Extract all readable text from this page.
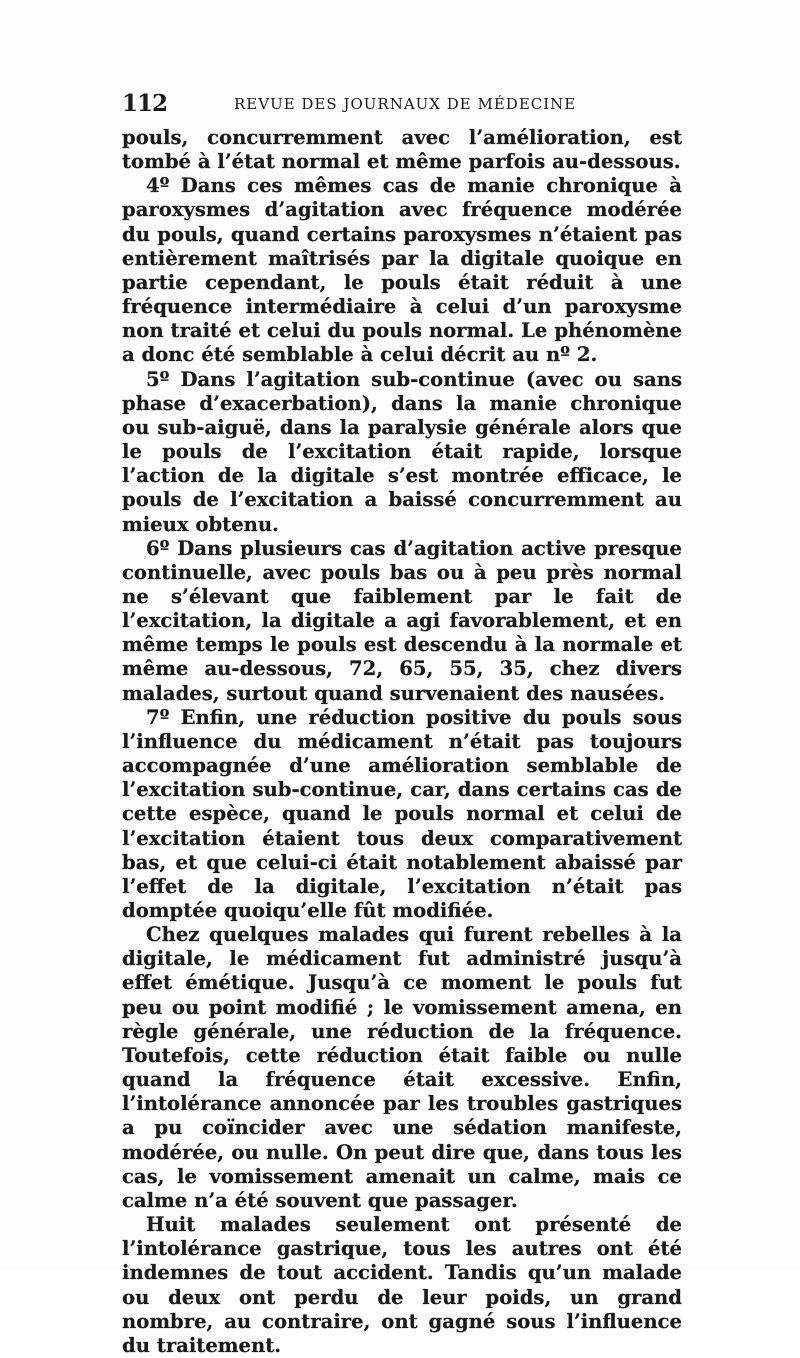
112	REVUE DES JOURNAUX DE MÉDECINE

pouls, concurremment avec l’amélioration, est tombé à l’état normal et même parfois au-dessous.

4º Dans ces mêmes cas de manie chronique à paroxysmes d’agitation avec fréquence modérée du pouls, quand certains paroxysmes n’étaient pas entièrement maîtrisés par la digitale quoique en partie cependant, le pouls était réduit à une fréquence intermédiaire à celui d’un paroxysme non traité et celui du pouls normal. Le phénomène a donc été semblable à celui décrit au nº 2.

5º Dans l’agitation sub-continue (avec ou sans phase d’exacerbation), dans la manie chronique ou sub-aiguë, dans la paralysie générale alors que le pouls de l’excitation était rapide, lorsque l’action de la digitale s’est montrée efficace, le pouls de l’excitation a baissé concurremment au mieux obtenu.

6º Dans plusieurs cas d’agitation active presque continuelle, avec pouls bas ou à peu près normal ne s’élevant que faiblement par le fait de l’excitation, la digitale a agi favorablement, et en même temps le pouls est descendu à la normale et même au-dessous, 72, 65, 55, 35, chez divers malades, surtout quand survenaient des nausées.

7º Enfin, une réduction positive du pouls sous l’influence du médicament n’était pas toujours accompagnée d’une amélioration semblable de l’excitation sub-continue, car, dans certains cas de cette espèce, quand le pouls normal et celui de l’excitation étaient tous deux comparativement bas, et que celui-ci était notablement abaissé par l’effet de la digitale, l’excitation n’était pas domptée quoiqu’elle fût modifiée.

Chez quelques malades qui furent rebelles à la digitale, le médicament fut administré jusqu’à effet émétique. Jusqu’à ce moment le pouls fut peu ou point modifié ; le vomissement amena, en règle générale, une réduction de la fréquence. Toutefois, cette réduction était faible ou nulle quand la fréquence était excessive. Enfin, l’intolérance annoncée par les troubles gastriques a pu coïncider avec une sédation manifeste, modérée, ou nulle. On peut dire que, dans tous les cas, le vomissement amenait un calme, mais ce calme n’a été souvent que passager.

Huit malades seulement ont présenté de l’intolérance gastrique, tous les autres ont été indemnes de tout accident. Tandis qu’un malade ou deux ont perdu de leur poids, un grand nombre, au contraire, ont gagné sous l’influence du traitement.
